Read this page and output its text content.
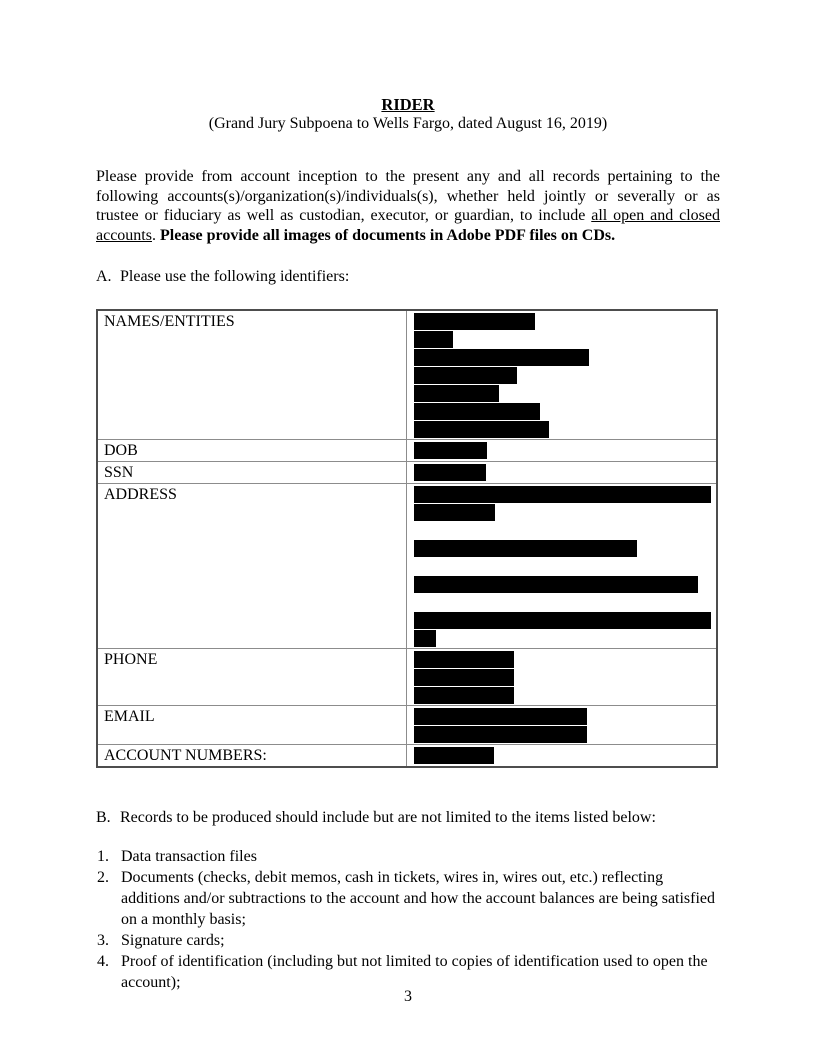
RIDER
(Grand Jury Subpoena to Wells Fargo, dated August 16, 2019)

Please provide from account inception to the present any and all records pertaining to the following accounts(s)/organization(s)/individuals(s), whether held jointly or severally or as trustee or fiduciary as well as custodian, executor, or guardian, to include all open and closed accounts. Please provide all images of documents in Adobe PDF files on CDs.

A. Please use the following identifiers:
NAMES/ENTITIES
DOB
SSN
ADDRESS
PHONE
EMAIL
ACCOUNT NUMBERS:
B. Records to be produced should include but are not limited to the items listed below:
1. Data transaction files
2. Documents (checks, debit memos, cash in tickets, wires in, wires out, etc.) reflecting additions and/or subtractions to the account and how the account balances are being satisfied on a monthly basis;
3. Signature cards;
4. Proof of identification (including but not limited to copies of identification used to open the account);
3
